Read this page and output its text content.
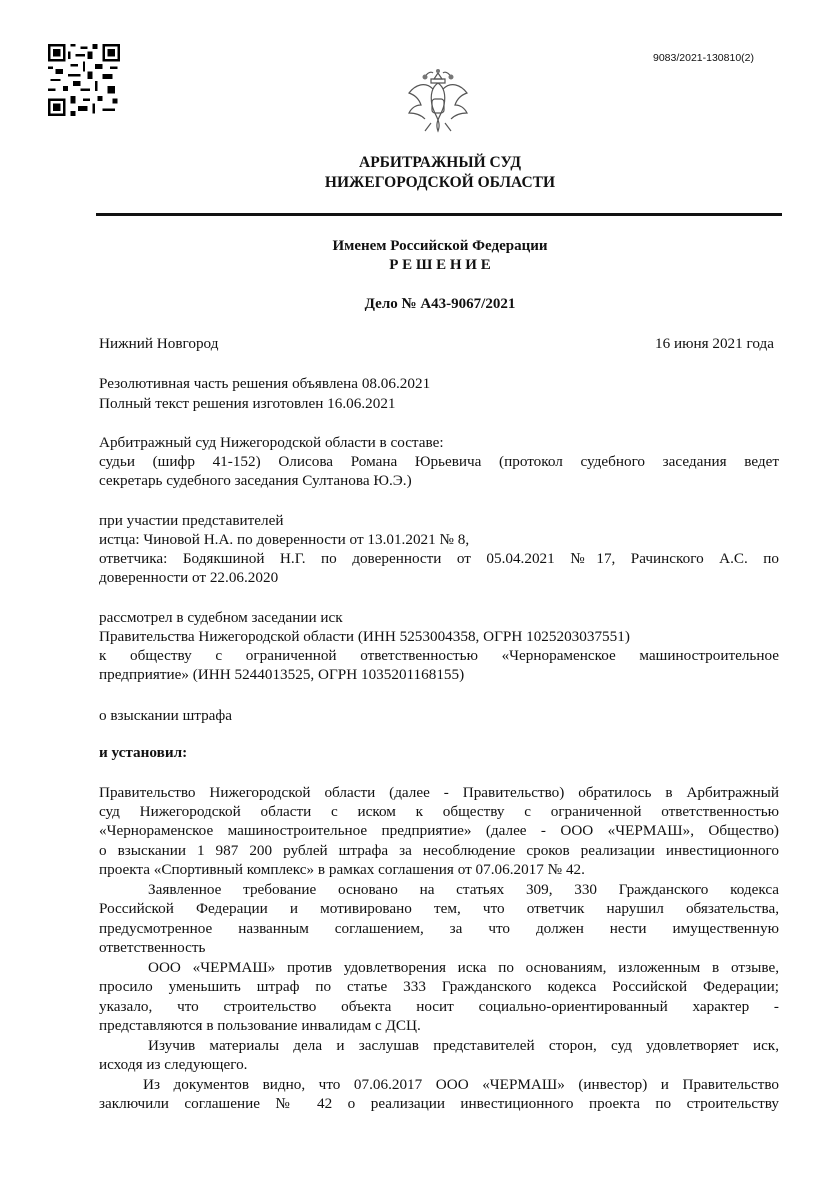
9083/2021-130810(2)
АРБИТРАЖНЫЙ СУД
НИЖЕГОРОДСКОЙ ОБЛАСТИ
Именем Российской Федерации
Р Е Ш Е Н И Е
Дело № А43-9067/2021
Нижний Новгород	16 июня 2021 года
Резолютивная часть решения объявлена 08.06.2021
Полный текст решения изготовлен 16.06.2021
Арбитражный суд Нижегородской области в составе:
судьи (шифр 41-152) Олисова Романа Юрьевича (протокол судебного заседания ведет
секретарь судебного заседания Султанова Ю.Э.)
при участии представителей
истца: Чиновой Н.А. по доверенности от 13.01.2021 № 8,
ответчика: Бодякшиной Н.Г. по доверенности от 05.04.2021 №17, Рачинского А.С. по
доверенности от 22.06.2020
рассмотрел в судебном заседании иск
Правительства Нижегородской области (ИНН 5253004358, ОГРН 1025203037551)
к обществу с ограниченной ответственностью «Чернораменское машиностроительное
предприятие» (ИНН 5244013525, ОГРН 1035201168155)
о взыскании штрафа
и установил:
Правительство Нижегородской области (далее - Правительство) обратилось в Арбитражный
суд Нижегородской области с иском к обществу с ограниченной ответственностью
«Чернораменское машиностроительное предприятие» (далее - ООО «ЧЕРМАШ», Общество)
о взыскании 1 987 200 рублей штрафа за несоблюдение сроков реализации инвестиционного
проекта «Спортивный комплекс» в рамках соглашения от 07.06.2017 № 42.
Заявленное требование основано на статьях 309, 330 Гражданского кодекса
Российской Федерации и мотивировано тем, что ответчик нарушил обязательства,
предусмотренное названным соглашением, за что должен нести имущественную
ответственность
ООО «ЧЕРМАШ» против удовлетворения иска по основаниям, изложенным в отзыве,
просило уменьшить штраф по статье 333 Гражданского кодекса Российской Федерации;
указало, что строительство объекта носит социально-ориентированный характер -
представляются в пользование инвалидам с ДСЦ.
Изучив материалы дела и заслушав представителей сторон, суд удовлетворяет иск,
исходя из следующего.
Из документов видно, что 07.06.2017 ООО «ЧЕРМАШ» (инвестор) и Правительство
заключили соглашение № 42 о реализации инвестиционного проекта по строительству
